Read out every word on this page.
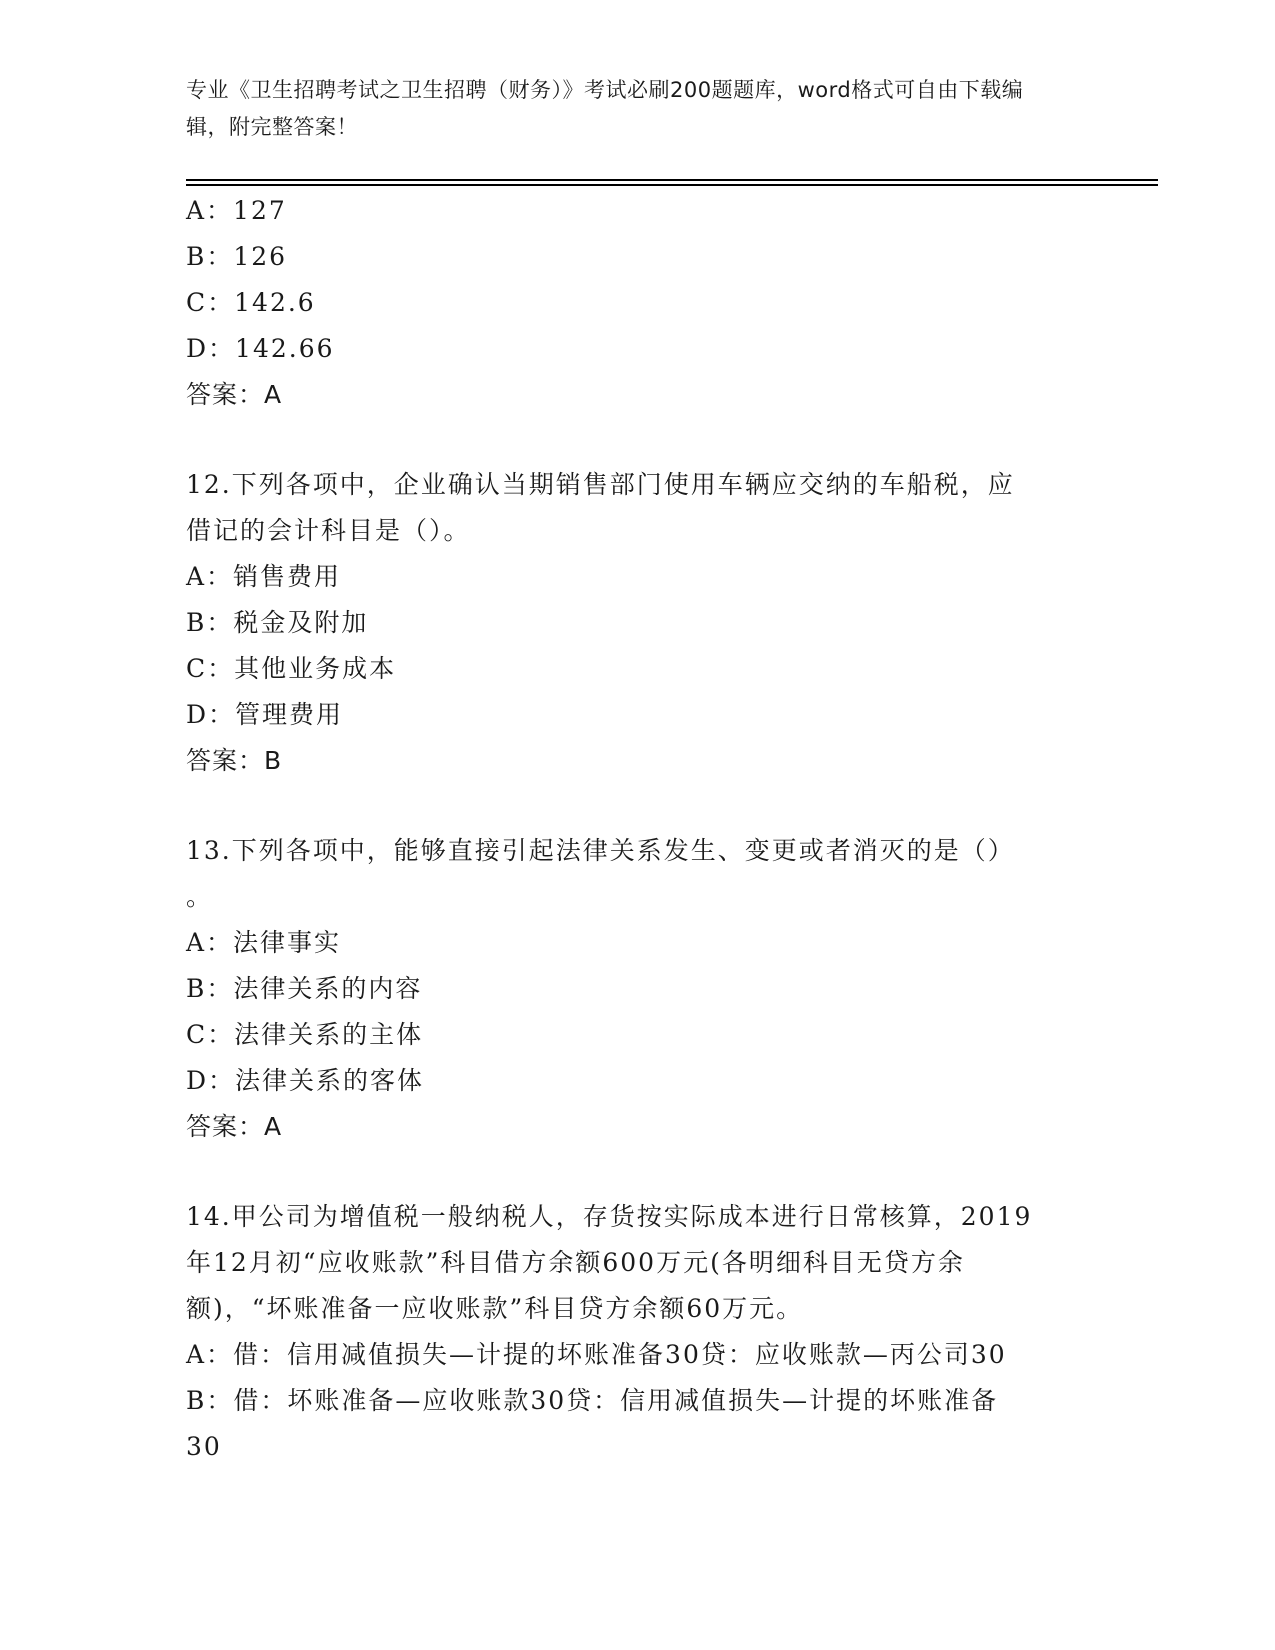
专业《卫生招聘考试之卫生招聘（财务）》考试必刷200题题库，word格式可自由下载编辑，附完整答案！
A：127
B：126
C：142.6
D：142.66
答案：A
12.下列各项中，企业确认当期销售部门使用车辆应交纳的车船税，应
借记的会计科目是（）。
A：销售费用
B：税金及附加
C：其他业务成本
D：管理费用
答案：B
13.下列各项中，能够直接引起法律关系发生、变更或者消灭的是（）
。
A：法律事实
B：法律关系的内容
C：法律关系的主体
D：法律关系的客体
答案：A
14.甲公司为增值税一般纳税人，存货按实际成本进行日常核算，2019
年12月初“应收账款”科目借方余额600万元(各明细科目无贷方余
额)，“坏账准备一应收账款”科目贷方余额60万元。
A：借：信用减值损失—计提的坏账准备30贷：应收账款—丙公司30
B：借：坏账准备—应收账款30贷：信用减值损失—计提的坏账准备
30
